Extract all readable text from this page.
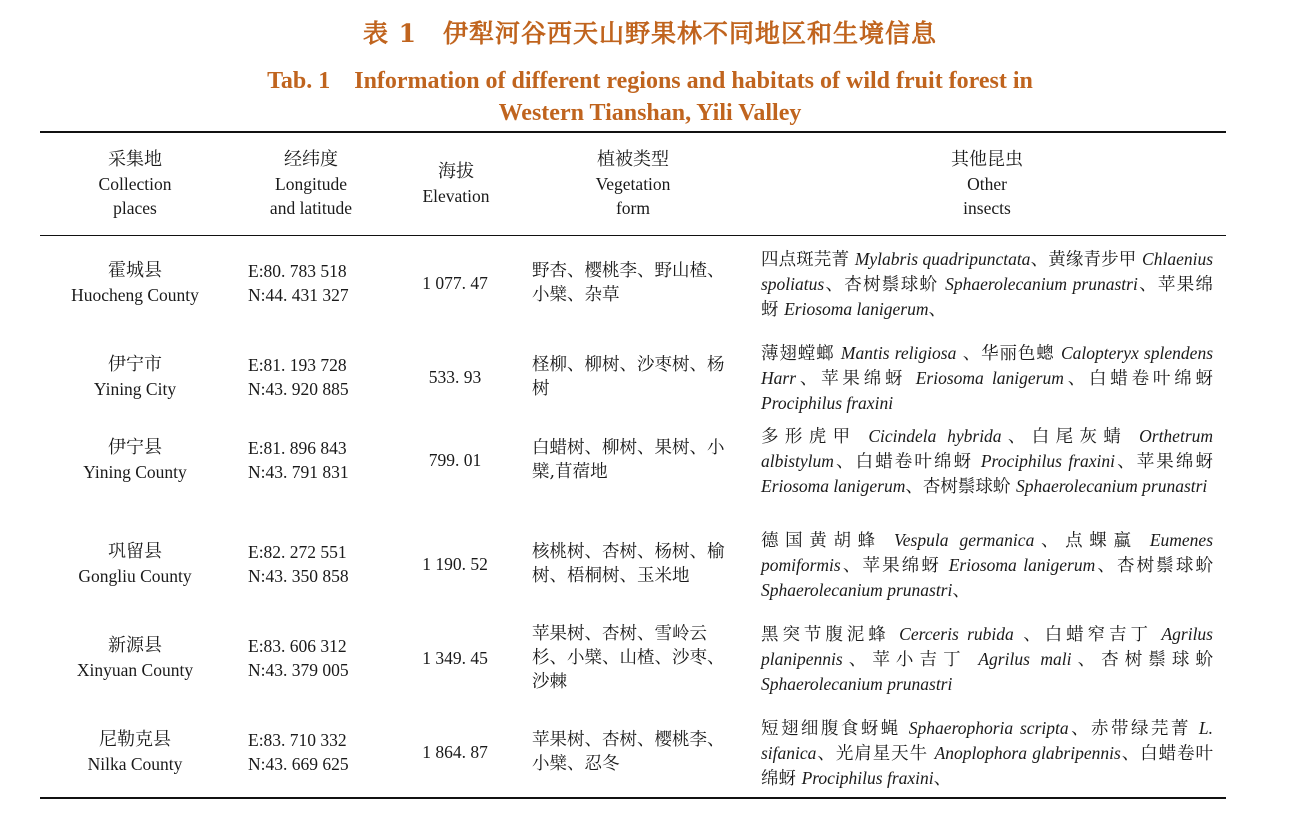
表 1　伊犁河谷西天山野果林不同地区和生境信息
Tab. 1　Information of different regions and habitats of wild fruit forest in
Western Tianshan, Yili Valley
采集地
Collection
places
经纬度
Longitude
and latitude
海拔
Elevation
植被类型
Vegetation
form
其他昆虫
Other
insects
霍城县
Huocheng County
E:80. 783 518
N:44. 431 327
1 077. 47
野杏、樱桃李、野山楂、
小檗、杂草
四点斑芫菁 Mylabris quadripunctata、黄缘青步甲 Chlaenius spoliatus、杏树鬃球蚧 Sphaerolecanium prunastri、苹果绵蚜 Eriosoma lanigerum、
伊宁市
Yining City
E:81. 193 728
N:43. 920 885
533. 93
柽柳、柳树、沙枣树、杨
树
薄翅螳螂 Mantis religiosa 、华丽色蟌 Calopteryx splendens Harr、苹果绵蚜 Eriosoma lanigerum、白蜡卷叶绵蚜 Prociphilus fraxini
伊宁县
Yining County
E:81. 896 843
N:43. 791 831
799. 01
白蜡树、柳树、果树、小
檗,苜蓿地
多形虎甲 Cicindela hybrida、白尾灰蜻 Orthetrum albistylum、白蜡卷叶绵蚜 Prociphilus fraxini、苹果绵蚜 Eriosoma lanigerum、杏树鬃球蚧 Sphaerolecanium prunastri
巩留县
Gongliu County
E:82. 272 551
N:43. 350 858
1 190. 52
核桃树、杏树、杨树、榆
树、梧桐树、玉米地
德国黄胡蜂 Vespula germanica、点蜾蠃 Eumenes pomiformis、苹果绵蚜 Eriosoma lanigerum、杏树鬃球蚧 Sphaerolecanium prunastri、
新源县
Xinyuan County
E:83. 606 312
N:43. 379 005
1 349. 45
苹果树、杏树、雪岭云
杉、小檗、山楂、沙枣、
沙棘
黑突节腹泥蜂 Cerceris rubida 、白蜡窄吉丁 Agrilus planipennis、苹小吉丁 Agrilus mali、杏树鬃球蚧 Sphaerolecanium prunastri
尼勒克县
Nilka County
E:83. 710 332
N:43. 669 625
1 864. 87
苹果树、杏树、樱桃李、
小檗、忍冬
短翅细腹食蚜蝇 Sphaerophoria scripta、赤带绿芫菁 L. sifanica、光肩星天牛 Anoplophora glabripennis、白蜡卷叶绵蚜 Prociphilus fraxini、
